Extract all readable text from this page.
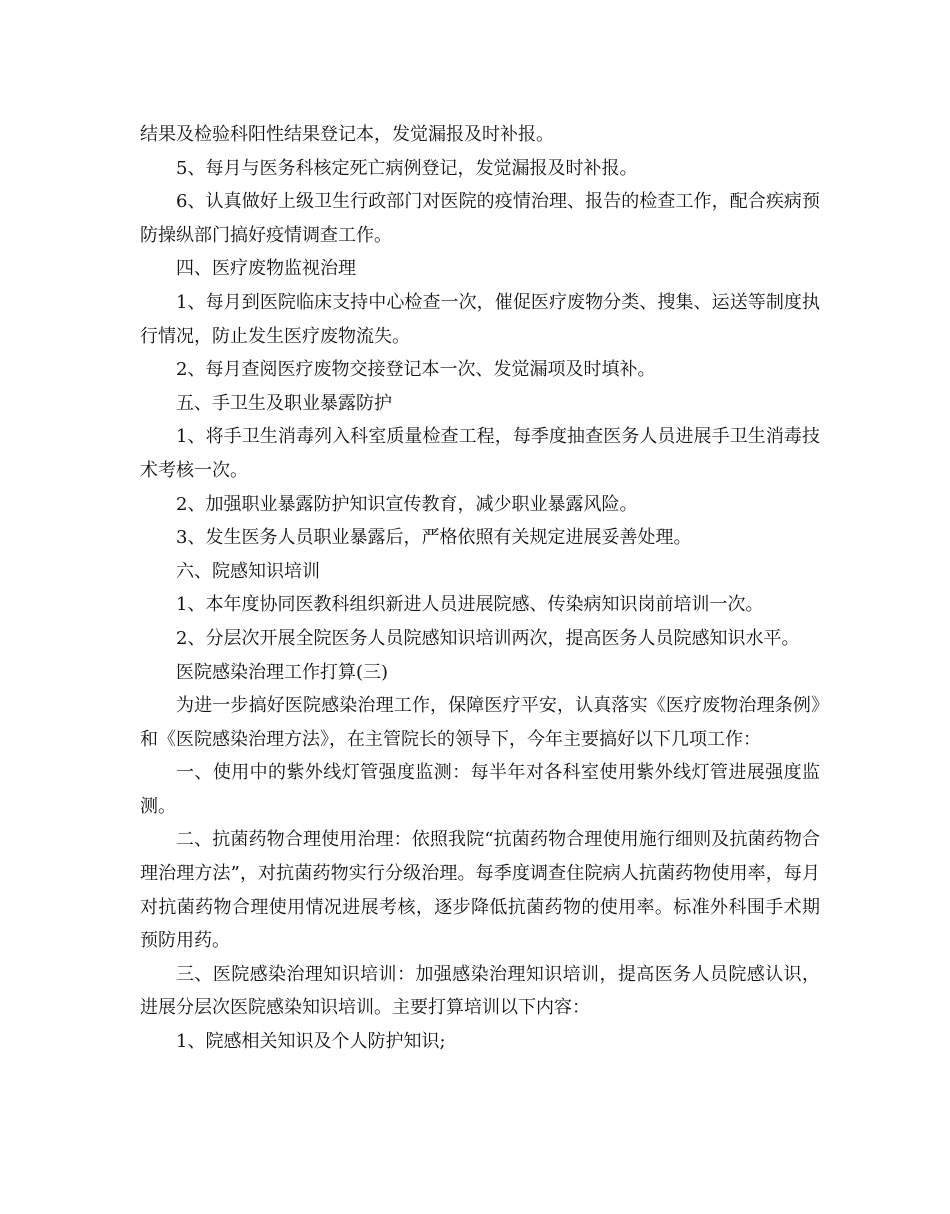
结果及检验科阳性结果登记本，发觉漏报及时补报。

5、每月与医务科核定死亡病例登记，发觉漏报及时补报。

6、认真做好上级卫生行政部门对医院的疫情治理、报告的检查工作，配合疾病预防操纵部门搞好疫情调查工作。

四、医疗废物监视治理

1、每月到医院临床支持中心检查一次，催促医疗废物分类、搜集、运送等制度执行情况，防止发生医疗废物流失。

2、每月查阅医疗废物交接登记本一次、发觉漏项及时填补。

五、手卫生及职业暴露防护

1、将手卫生消毒列入科室质量检查工程，每季度抽查医务人员进展手卫生消毒技术考核一次。

2、加强职业暴露防护知识宣传教育，减少职业暴露风险。

3、发生医务人员职业暴露后，严格依照有关规定进展妥善处理。

六、院感知识培训

1、本年度协同医教科组织新进人员进展院感、传染病知识岗前培训一次。

2、分层次开展全院医务人员院感知识培训两次，提高医务人员院感知识水平。

医院感染治理工作打算(三)

为进一步搞好医院感染治理工作，保障医疗平安，认真落实《医疗废物治理条例》和《医院感染治理方法》，在主管院长的领导下，今年主要搞好以下几项工作：

一、使用中的紫外线灯管强度监测：每半年对各科室使用紫外线灯管进展强度监测。

二、抗菌药物合理使用治理：依照我院“抗菌药物合理使用施行细则及抗菌药物合理治理方法”，对抗菌药物实行分级治理。每季度调查住院病人抗菌药物使用率，每月对抗菌药物合理使用情况进展考核，逐步降低抗菌药物的使用率。标准外科围手术期预防用药。

三、医院感染治理知识培训：加强感染治理知识培训，提高医务人员院感认识，进展分层次医院感染知识培训。主要打算培训以下内容：

1、院感相关知识及个人防护知识;
